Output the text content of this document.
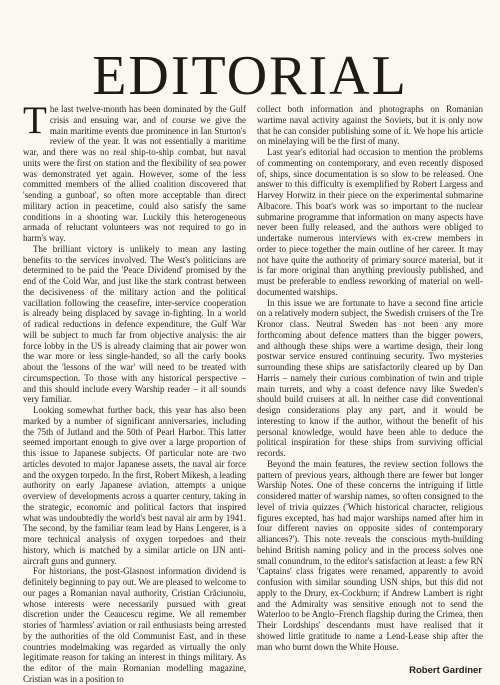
EDITORIAL

The last twelve-month has been dominated by the Gulf crisis and ensuing war, and of course we give the main maritime events due prominence in Ian Sturton's review of the year. It was not essentially a maritime war, and there was no real ship-to-ship combat, but naval units were the first on station and the flexibility of sea power was demonstrated yet again. However, some of the less committed members of the allied coalition discovered that 'sending a gunboat', so often more acceptable than direct military action in peacetime, could also satisfy the same conditions in a shooting war. Luckily this heterogeneous armada of reluctant volunteers was not required to go in harm's way.

The brilliant victory is unlikely to mean any lasting benefits to the services involved. The West's politicians are determined to be paid the 'Peace Dividend' promised by the end of the Cold War, and just like the stark contrast between the decisiveness of the military action and the political vacillation following the ceasefire, inter-service cooperation is already being displaced by savage in-fighting. In a world of radical reductions in defence expenditure, the Gulf War will be subject to much far from objective analysis: the air force lobby in the US is already claiming that air power won the war more or less single-handed, so all the carly books about the 'lessons of the war' will need to be treated with circumspection. To those with any historical perspective – and this should include every Warship reader – it all sounds very familiar.

Looking somewhat further back, this year has also been marked by a number of significant anniversaries, including the 75th of Jutland and the 50th of Pearl Harbor. This latter seemed important enough to give over a large proportion of this issue to Japanese subjects. Of particular note are two articles devoted to major Japanese assets, the naval air force and the oxygen torpedo. In the first, Robert Mikesh, a leading authority on early Japanese aviation, attempts a unique overview of developments across a quarter century, taking in the strategic, economic and political factors that inspired what was undoubtedly the world's best naval air arm by 1941. The second, by the familiar team lead by Hans Lengerer, is a more technical analysis of oxygen torpedoes and their history, which is matched by a similar article on IJN anti-aircraft guns and gunnery.

For historians, the post-Glasnost information dividend is definitely beginning to pay out. We are pleased to welcome to our pages a Romanian naval authority, Cristian Crăciunoiu, whose interests were necessarily pursued with great discretion under the Ceaucescu regime. We all remember stories of 'harmless' aviation or rail enthusiasts being arrested by the authorities of the old Communist East, and in these countries modelmaking was regarded as virtually the only legitimate reason for taking an interest in things military. As the editor of the main Romanian modelling magazine, Cristian was in a position to

collect both information and photographs on Romanian wartime naval activity against the Soviets, but it is only now that he can consider publishing some of it. We hope his article on minelaying will be the first of many.

Last year's editorial had occasion to mention the problems of commenting on contemporary, and even recently disposed of, ships, since documentation is so slow to be released. One answer to this difficulty is exemplified by Robert Largess and Harvey Horwitz in their piece on the experimental submarine Albacore. This boat's work was so important to the nuclear submarine programme that information on many aspects have never been fully released, and the authors were obliged to undertake numerous interviews with ex-crew members in order to piece together the main outline of her career. It may not have quite the authority of primary source material, but it is far more original than anything previously published, and must be preferable to endless reworking of material on well-documented warships.

In this issue we are fortunate to have a second fine article on a relatively modern subject, the Swedish cruisers of the Tre Kronor class. Neutral Sweden has not been any more forthcoming about defence matters than the bigger powers, and although these ships were a wartime design, their long postwar service ensured continuing security. Two mysteries surrounding these ships are satisfactorily cleared up by Dan Harris – namely their curious combination of twin and triple main turrets, and why a coast defence navy like Sweden's should build cruisers at all. In neither case did conventional design considerations play any part, and it would be interesting to know if the author, without the benefit of his personal knowledge, would have been able to deduce the political inspiration for these ships from surviving official records.

Beyond the main features, the review section follows the pattern of previous years, although there are fewer but longer Warship Notes. One of these concerns the intriguing if little considered matter of warship names, so often consigned to the level of trivia quizzes ('Which historical character, religious figures excepted, has had major warships named after him in four different navies on opposite sides of contemporary alliances?'). This note reveals the conscious myth-building behind British naming policy and in the process solves one small conundrum, to the editor's satisfaction at least: a few RN 'Captains' class frigates were renamed, apparently to avoid confusion with similar sounding USN ships, but this did not apply to the Drury, ex-Cockburn; if Andrew Lambert is right and the Admiralty was sensitive enough not to send the Waterloo to be Anglo–French flagship during the Crimea, then Their Lordships' descendants must have realised that it showed little gratitude to name a Lend-Lease ship after the man who burnt down the White House.

Robert Gardiner
